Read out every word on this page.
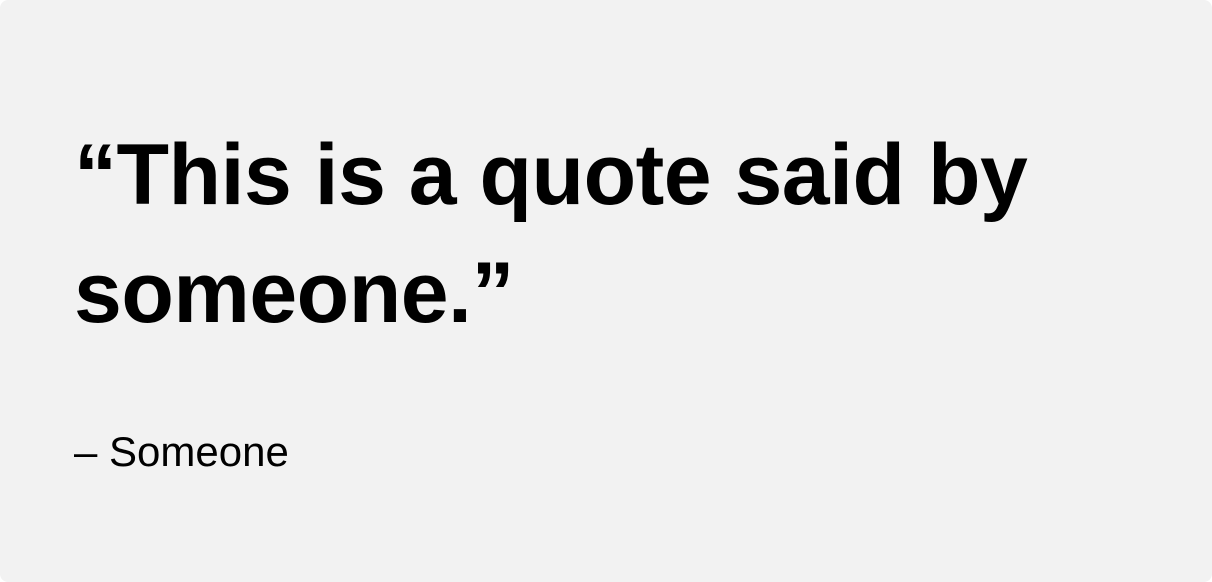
“This is a quote said by someone.”

– Someone
